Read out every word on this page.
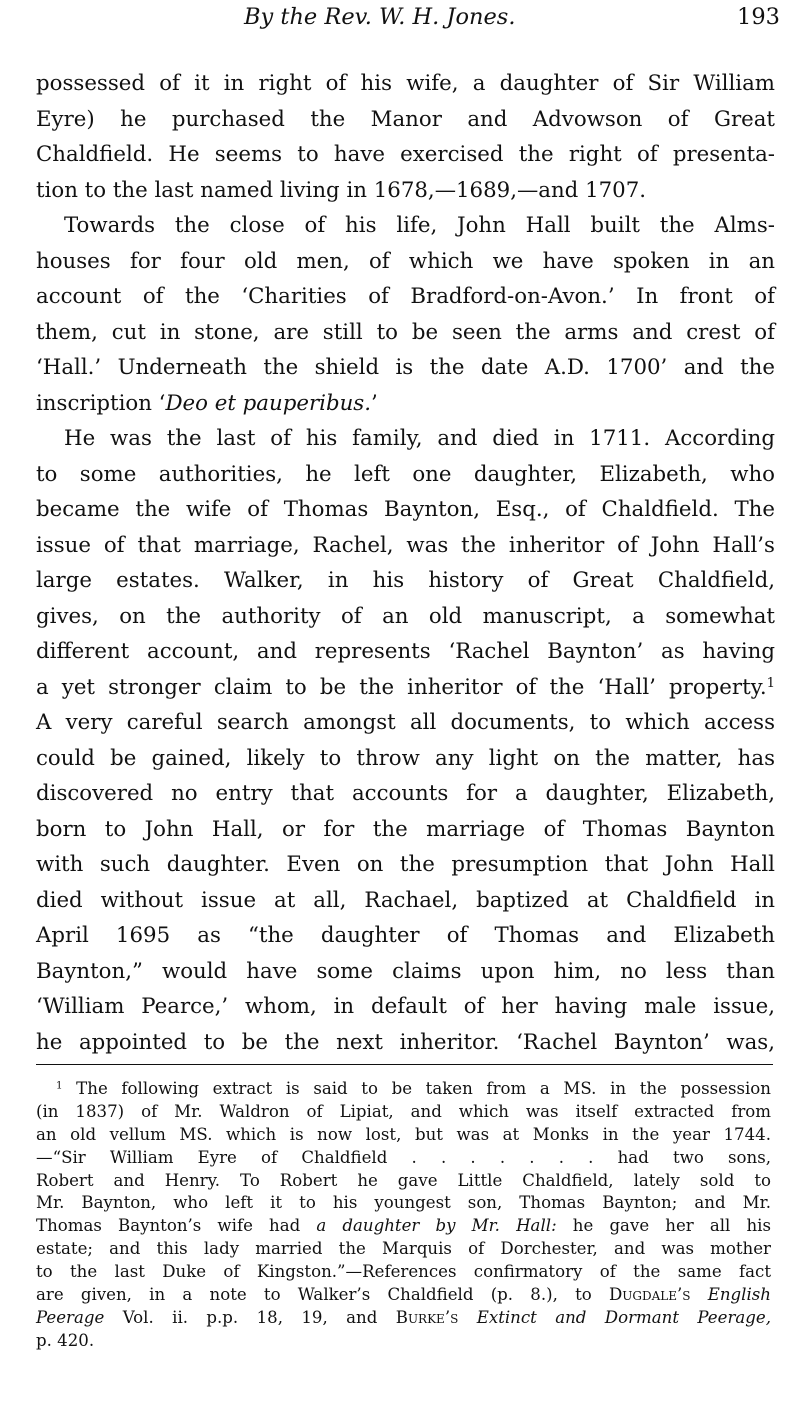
By the Rev. W. H. Jones.	193
possessed of it in right of his wife, a daughter of Sir William
Eyre) he purchased the Manor and Advowson of Great
Chaldfield. He seems to have exercised the right of presenta-
tion to the last named living in 1678,—1689,—and 1707.
Towards the close of his life, John Hall built the Alms-
houses for four old men, of which we have spoken in an
account of the ‘Charities of Bradford-on-Avon.’ In front of
them, cut in stone, are still to be seen the arms and crest of
‘Hall.’ Underneath the shield is the date A.D. 1700’ and the
inscription ‘Deo et pauperibus.’
He was the last of his family, and died in 1711. According
to some authorities, he left one daughter, Elizabeth, who
became the wife of Thomas Baynton, Esq., of Chaldfield. The
issue of that marriage, Rachel, was the inheritor of John Hall’s
large estates. Walker, in his history of Great Chaldfield,
gives, on the authority of an old manuscript, a somewhat
different account, and represents ‘Rachel Baynton’ as having
a yet stronger claim to be the inheritor of the ‘Hall’ property.$^1$
A very careful search amongst all documents, to which access
could be gained, likely to throw any light on the matter, has
discovered no entry that accounts for a daughter, Elizabeth,
born to John Hall, or for the marriage of Thomas Baynton
with such daughter. Even on the presumption that John Hall
died without issue at all, Rachael, baptized at Chaldfield in
April 1695 as “the daughter of Thomas and Elizabeth
Baynton,” would have some claims upon him, no less than
‘William Pearce,’ whom, in default of her having male issue,
he appointed to be the next inheritor. ‘Rachel Baynton’ was,
$^1$ The following extract is said to be taken from a MS. in the possession
(in 1837) of Mr. Waldron of Lipiat, and which was itself extracted from
an old vellum MS. which is now lost, but was at Monks in the year 1744.
—“Sir William Eyre of Chaldfield . . . . . . . had two sons,
Robert and Henry. To Robert he gave Little Chaldfield, lately sold to
Mr. Baynton, who left it to his youngest son, Thomas Baynton; and Mr.
Thomas Baynton’s wife had a daughter by Mr. Hall: he gave her all his
estate; and this lady married the Marquis of Dorchester, and was mother
to the last Duke of Kingston.”—References confirmatory of the same fact
are given, in a note to Walker’s Chaldfield (p. 8.), to Dugdale’s English
Peerage Vol. ii. p.p. 18, 19, and Burke’s Extinct and Dormant Peerage,
p. 420.
